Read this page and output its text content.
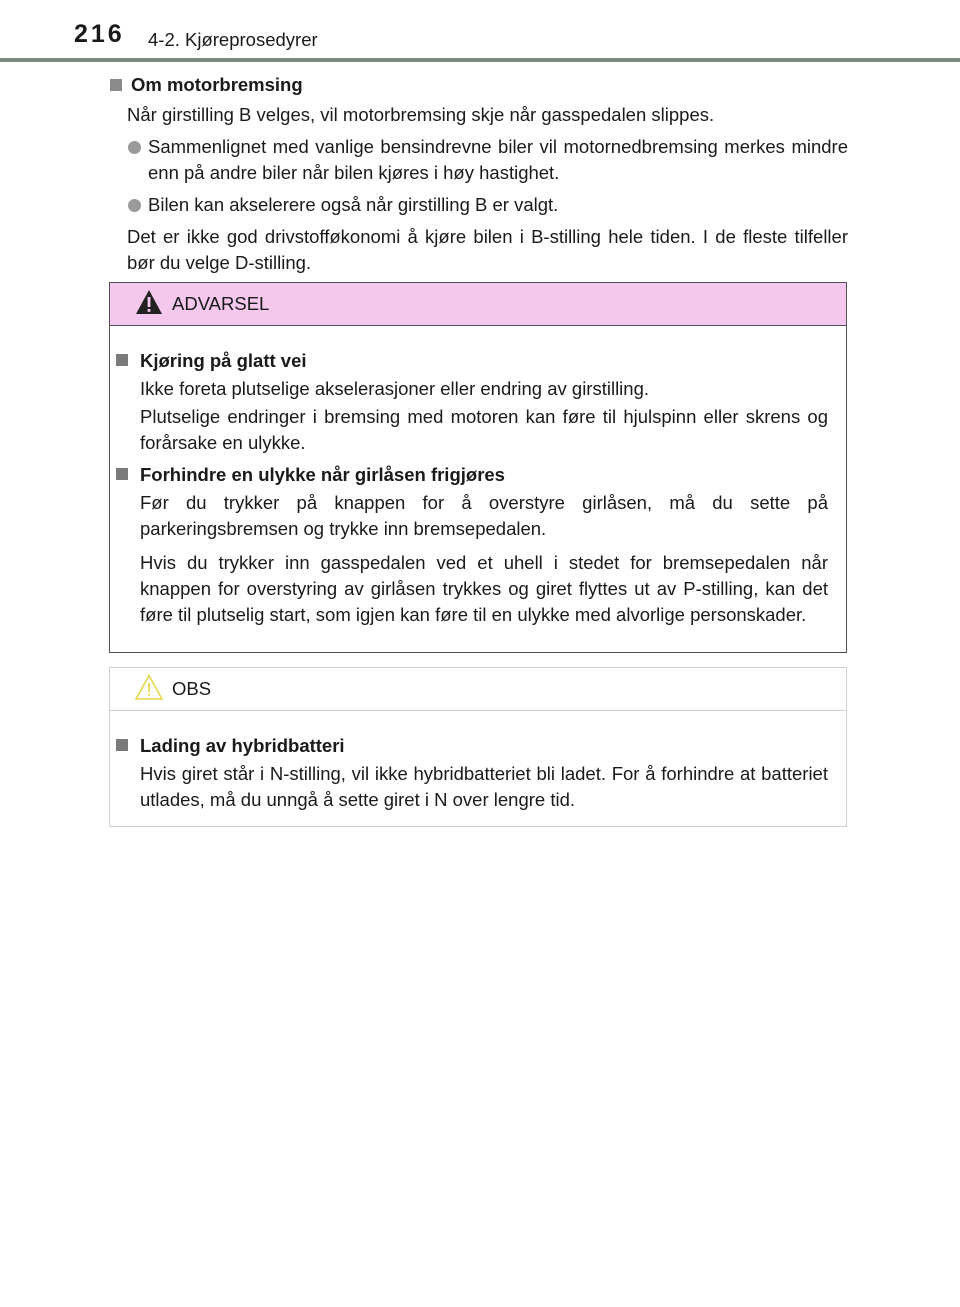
216 4-2. Kjøreprosedyrer
Om motorbremsing
Når girstilling B velges, vil motorbremsing skje når gasspedalen slippes.
Sammenlignet med vanlige bensindrevne biler vil motornedbremsing merkes mindre enn på andre biler når bilen kjøres i høy hastighet.
Bilen kan akselerere også når girstilling B er valgt.
Det er ikke god drivstofføkonomi å kjøre bilen i B-stilling hele tiden. I de fleste tilfeller bør du velge D-stilling.
ADVARSEL
Kjøring på glatt vei
Ikke foreta plutselige akselerasjoner eller endring av girstilling.
Plutselige endringer i bremsing med motoren kan føre til hjulspinn eller skrens og forårsake en ulykke.
Forhindre en ulykke når girlåsen frigjøres
Før du trykker på knappen for å overstyre girlåsen, må du sette på parkeringsbremsen og trykke inn bremsepedalen.
Hvis du trykker inn gasspedalen ved et uhell i stedet for bremsepedalen når knappen for overstyring av girlåsen trykkes og giret flyttes ut av P-stilling, kan det føre til plutselig start, som igjen kan føre til en ulykke med alvorlige personskader.
OBS
Lading av hybridbatteri
Hvis giret står i N-stilling, vil ikke hybridbatteriet bli ladet. For å forhindre at batteriet utlades, må du unngå å sette giret i N over lengre tid.
